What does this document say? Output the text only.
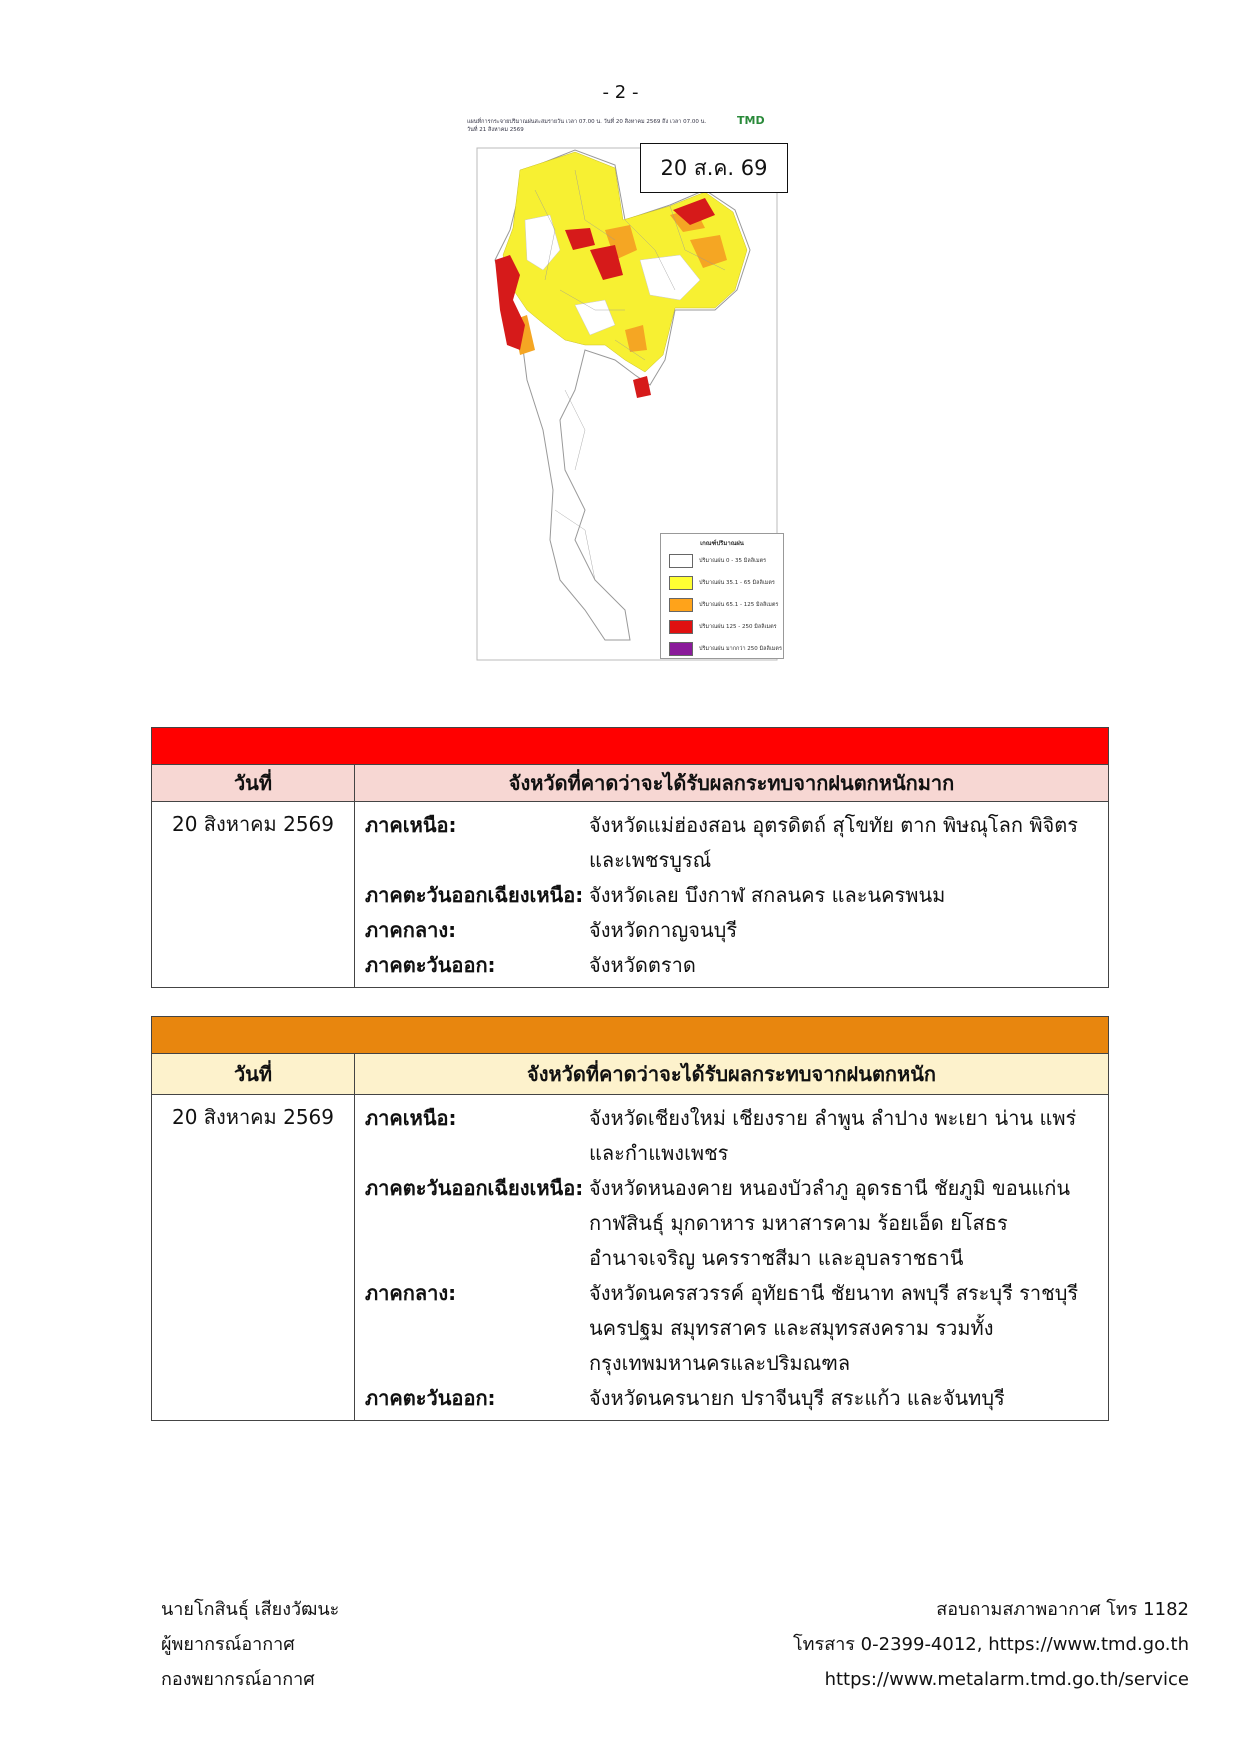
- 2 -
แผนที่การกระจายปริมาณฝนสะสมรายวัน เวลา 07.00 น. วันที่ 20 สิงหาคม 2569 ถึง เวลา 07.00 น. วันที่ 21 สิงหาคม 2569
TMD
เกณฑ์ปริมาณฝน
ปริมาณฝน 0 - 35 มิลลิเมตร
ปริมาณฝน 35.1 - 65 มิลลิเมตร
ปริมาณฝน 65.1 - 125 มิลลิเมตร
ปริมาณฝน 125 - 250 มิลลิเมตร
ปริมาณฝน มากกว่า 250 มิลลิเมตร
20 ส.ค. 69
วันที่	จังหวัดที่คาดว่าจะได้รับผลกระทบจากฝนตกหนักมาก
20 สิงหาคม 2569	ภาคเหนือ:	จังหวัดแม่ฮ่องสอน อุตรดิตถ์ สุโขทัย ตาก พิษณุโลก พิจิตร และเพชรบูรณ์
ภาคตะวันออกเฉียงเหนือ: จังหวัดเลย บึงกาฬ สกลนคร และนครพนม
ภาคกลาง:	จังหวัดกาญจนบุรี
ภาคตะวันออก:	จังหวัดตราด
วันที่	จังหวัดที่คาดว่าจะได้รับผลกระทบจากฝนตกหนัก
20 สิงหาคม 2569	ภาคเหนือ:	จังหวัดเชียงใหม่ เชียงราย ลำพูน ลำปาง พะเยา น่าน แพร่ และกำแพงเพชร
ภาคตะวันออกเฉียงเหนือ: จังหวัดหนองคาย หนองบัวลำภู อุดรธานี ชัยภูมิ ขอนแก่น กาฬสินธุ์ มุกดาหาร มหาสารคาม ร้อยเอ็ด ยโสธร อำนาจเจริญ นครราชสีมา และอุบลราชธานี
ภาคกลาง:	จังหวัดนครสวรรค์ อุทัยธานี ชัยนาท ลพบุรี สระบุรี ราชบุรี นครปฐม สมุทรสาคร และสมุทรสงคราม รวมทั้งกรุงเทพมหานครและปริมณฑล
ภาคตะวันออก:	จังหวัดนครนายก ปราจีนบุรี สระแก้ว และจันทบุรี
นายโกสินธุ์ เสียงวัฒนะ
ผู้พยากรณ์อากาศ
กองพยากรณ์อากาศ
สอบถามสภาพอากาศ โทร 1182
โทรสาร 0-2399-4012, https://www.tmd.go.th
https://www.metalarm.tmd.go.th/service
